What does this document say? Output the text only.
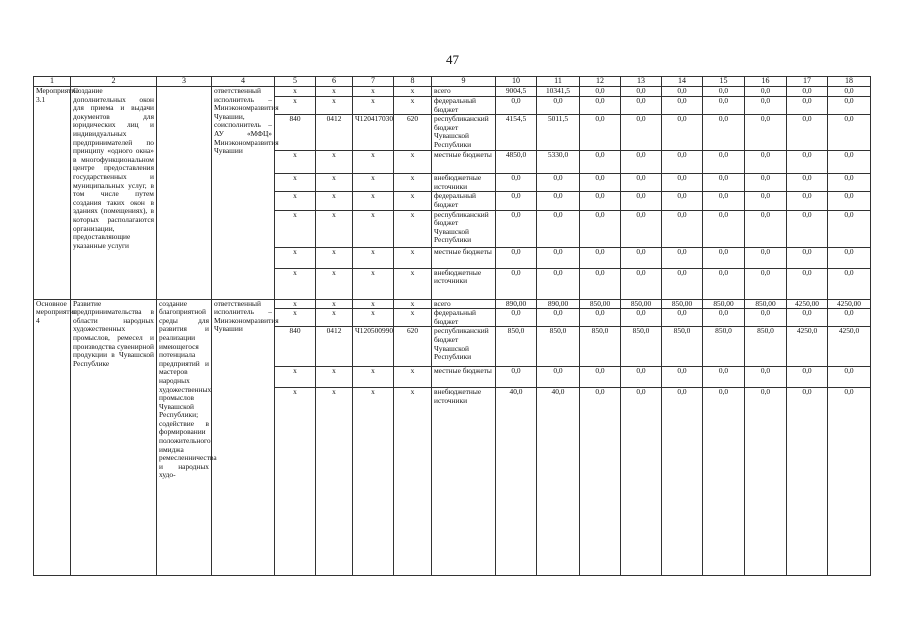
47
1	2	3	4	5	6	7	8	9	10	11	12	13	14	15	16	17	18
Мероприятие 3.1	Создание дополнительных окон для приема и выдачи документов для юридических лиц и индивидуальных предпринимателей по принципу «одного окна» в многофункциональном центре предоставления государственных и муниципальных услуг, в том числе путем создания таких окон в зданиях (помещениях), в которых располагаются организации, предоставляющие указанные услуги		ответственный исполнитель – Минэкономразвития Чувашии, соисполнитель – АУ «МФЦ» Минэкономразвития Чувашии	х	х	х	х	всего	9004,5	10341,5	0,0	0,0	0,0	0,0	0,0	0,0	0,0
				х	х	х	х	федеральный бюджет	0,0	0,0	0,0	0,0	0,0	0,0	0,0	0,0	0,0
				840	0412	Ч120417030	620	республиканский бюджет Чувашской Республики	4154,5	5011,5	0,0	0,0	0,0	0,0	0,0	0,0	0,0
				х	х	х	х	местные бюджеты	4850,0	5330,0	0,0	0,0	0,0	0,0	0,0	0,0	0,0
				х	х	х	х	внебюджетные источники	0,0	0,0	0,0	0,0	0,0	0,0	0,0	0,0	0,0
				х	х	х	х	федеральный бюджет	0,0	0,0	0,0	0,0	0,0	0,0	0,0	0,0	0,0
				х	х	х	х	республиканский бюджет Чувашской Республики	0,0	0,0	0,0	0,0	0,0	0,0	0,0	0,0	0,0
				х	х	х	х	местные бюджеты	0,0	0,0	0,0	0,0	0,0	0,0	0,0	0,0	0,0
				х	х	х	х	внебюджетные источники	0,0	0,0	0,0	0,0	0,0	0,0	0,0	0,0	0,0
Основное мероприятие 4	Развитие предпринимательства в области народных художественных промыслов, ремесел и производства сувенирной продукции в Чувашской Республике	создание благоприятной среды для развития и реализации имеющегося потенциала предприятий и мастеров народных художественных промыслов Чувашской Республики; содействие в формировании положительного имиджа ремесленничества и народных худо-	ответственный исполнитель – Минэкономразвития Чувашии	х	х	х	х	всего	890,00	890,00	850,00	850,00	850,00	850,00	850,00	4250,00	4250,00
				х	х	х	х	федеральный бюджет	0,0	0,0	0,0	0,0	0,0	0,0	0,0	0,0	0,0
				840	0412	Ч120500990	620	республиканский бюджет Чувашской Республики	850,0	850,0	850,0	850,0	850,0	850,0	850,0	4250,0	4250,0
				х	х	х	х	местные бюджеты	0,0	0,0	0,0	0,0	0,0	0,0	0,0	0,0	0,0
				х	х	х	х	внебюджетные источники	40,0	40,0	0,0	0,0	0,0	0,0	0,0	0,0	0,0
